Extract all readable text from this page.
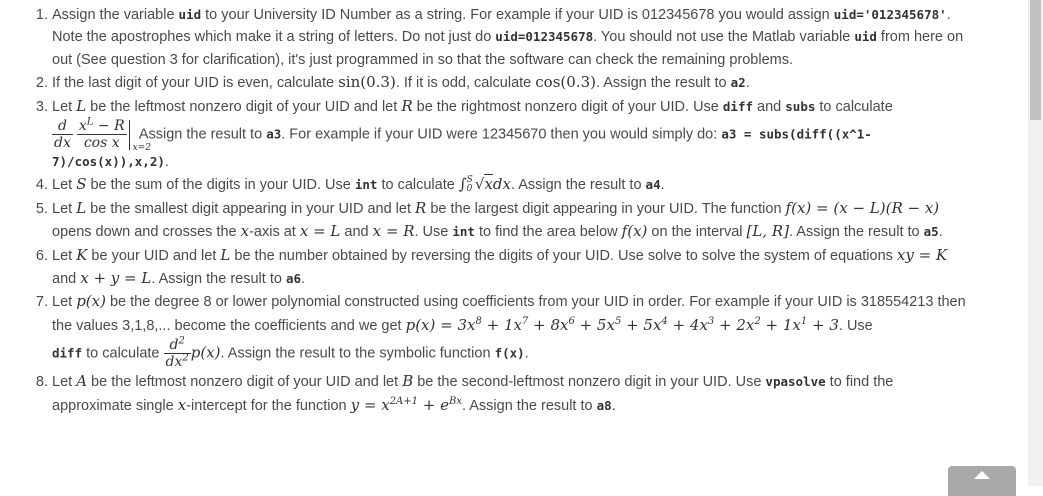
1. Assign the variable uid to your University ID Number as a string. For example if your UID is 012345678 you would assign uid='012345678'. Note the apostrophes which make it a string of letters. Do not just do uid=012345678. You should not use the Matlab variable uid from here on out (See question 3 for clarification), it's just programmed in so that the software can check the remaining problems.
2. If the last digit of your UID is even, calculate sin(0.3). If it is odd, calculate cos(0.3). Assign the result to a2.
3. Let L be the leftmost nonzero digit of your UID and let R be the rightmost nonzero digit of your UID. Use diff and subs to calculate

$\frac{d}{dx}$
$\frac{x^L - R}{\text{cos x}} x=2$
Assign the result to a3. For example if your UID were 12345670 then you would simply do: a3 = subs(diff((x^1-7)/cos(x)),x,2).
4. Let S be the sum of the digits in your UID. Use int to calculate ∫ S
0 √xdx. Assign the result to a4.
5. Let L be the smallest digit appearing in your UID and let R be the largest digit appearing in your UID. The function f(x) = (x − L)(R − x) opens down and crosses the x-axis at x = L and x = R. Use int to find the area below f(x) on the interval [L, R]. Assign the result to a5.
6. Let K be your UID and let L be the number obtained by reversing the digits of your UID. Use solve to solve the system of equations xy = K and x + y = L. Assign the result to a6.
7. Let p(x) be the degree 8 or lower polynomial constructed using coefficients from your UID in order. For example if your UID is 318554213 then the values 3,1,8,... become the coefficients and we get $p(x) = 3x^8 + 1x^7 + 8x^6 + 5x^5 + 5x^4 + 4x^3 + 2x^2 + 1x^1 + 3$. Use
diff to calculate $\frac{d^2}{dx^2} p(x)$. Assign the result to the symbolic function f(x).
8. Let A be the leftmost nonzero digit of your UID and let B be the second-leftmost nonzero digit in your UID. Use vpasolve to find the approximate single x-intercept for the function $y = x^{2A+1} + e^{Bx}$. Assign the result to a8.
